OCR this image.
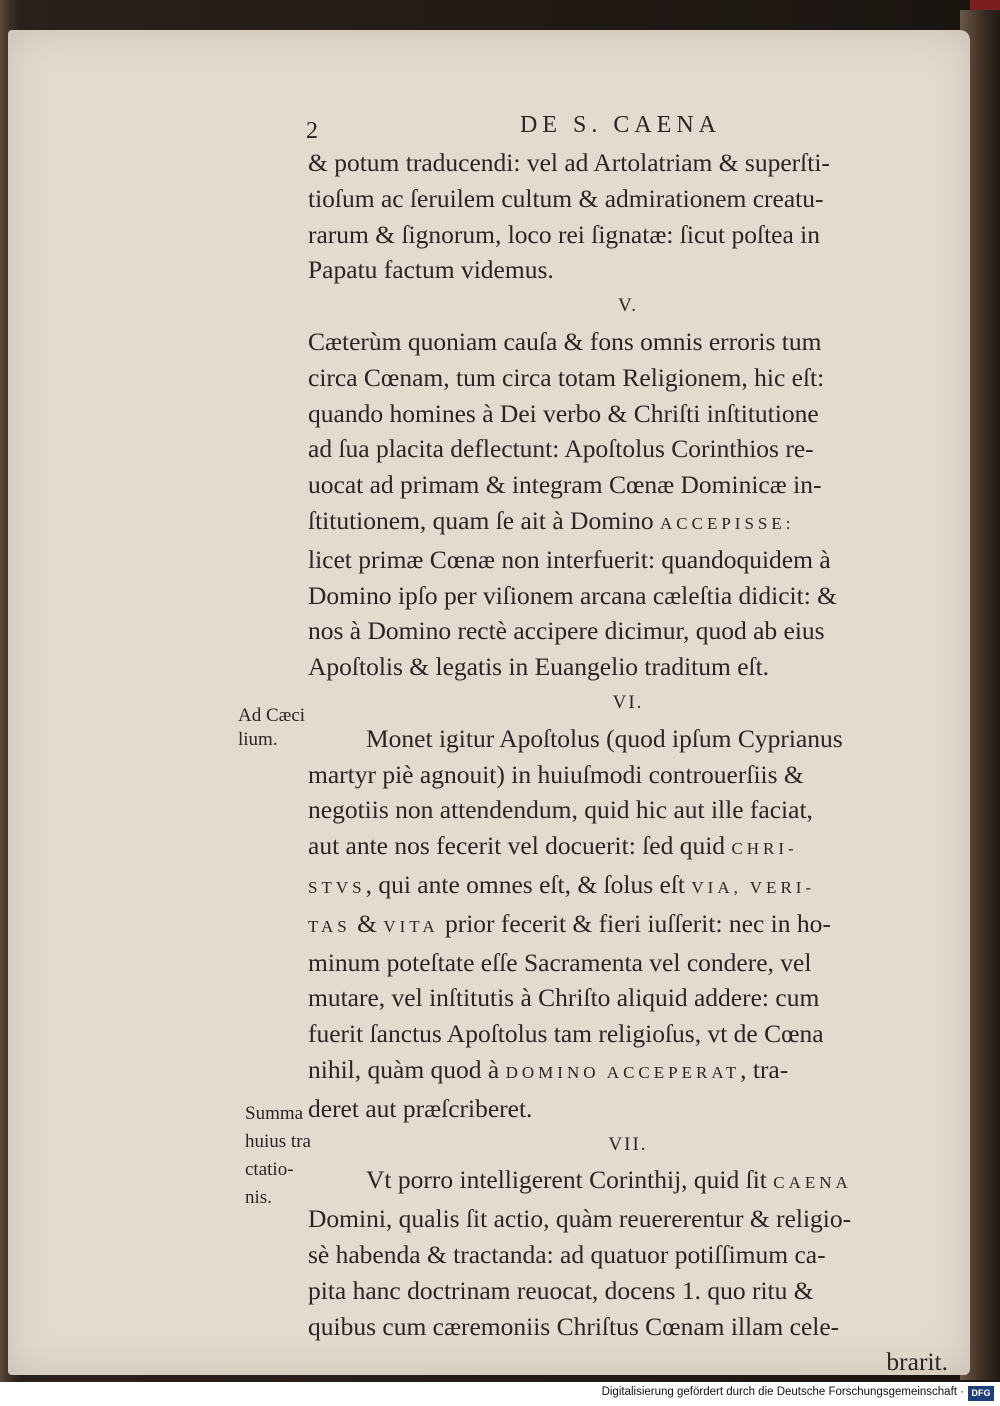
2	DE S. CAENA
& potum traducendi: vel ad Artolatriam & superſti-
tioſum ac ſeruilem cultum & admirationem creatu-
rarum & ſignorum, loco rei ſignatæ: ſicut poſtea in
Papatu factum videmus.
V.
Cæterùm quoniam cauſa & fons omnis erroris tum
circa Cœnam, tum circa totam Religionem, hic eſt:
quando homines à Dei verbo & Chriſti inſtitutione
ad ſua placita deflectunt: Apoſtolus Corinthios re-
uocat ad primam & integram Cœnæ Dominicæ in-
ſtitutionem, quam ſe ait à Domino ACCEPISSE:
licet primæ Cœnæ non interfuerit: quandoquidem à
Domino ipſo per viſionem arcana cæleſtia didicit: &
nos à Domino rectè accipere dicimur, quod ab eius
Apoſtolis & legatis in Euangelio traditum eſt.
VI.
Monet igitur Apoſtolus (quod ipſum Cyprianus
martyr piè agnouit) in huiuſmodi controuerſiis &
negotiis non attendendum, quid hic aut ille faciat,
aut ante nos fecerit vel docuerit: ſed quid CHRI-
STVS, qui ante omnes eſt, & ſolus eſt VIA, VERI-
TAS & VITA prior fecerit & fieri iuſſerit: nec in ho-
minum poteſtate eſſe Sacramenta vel condere, vel
mutare, vel inſtitutis à Chriſto aliquid addere: cum
fuerit ſanctus Apoſtolus tam religioſus, vt de Cœna
nihil, quàm quod à DOMINO ACCEPERAT, tra-
deret aut præſcriberet.
VII.
Vt porro intelligerent Corinthij, quid ſit CAENA
Domini, qualis ſit actio, quàm reuererentur & religio-
sè habenda & tractanda: ad quatuor potiſſimum ca-
pita hanc doctrinam reuocat, docens 1. quo ritu &
quibus cum cæremoniis Chriſtus Cœnam illam cele-
brarit.
Ad Cæci
lium.
Summa
huius tra
ctatio-
nis.
Digitalisierung gefördert durch die Deutsche Forschungsgemeinschaft · DFG
